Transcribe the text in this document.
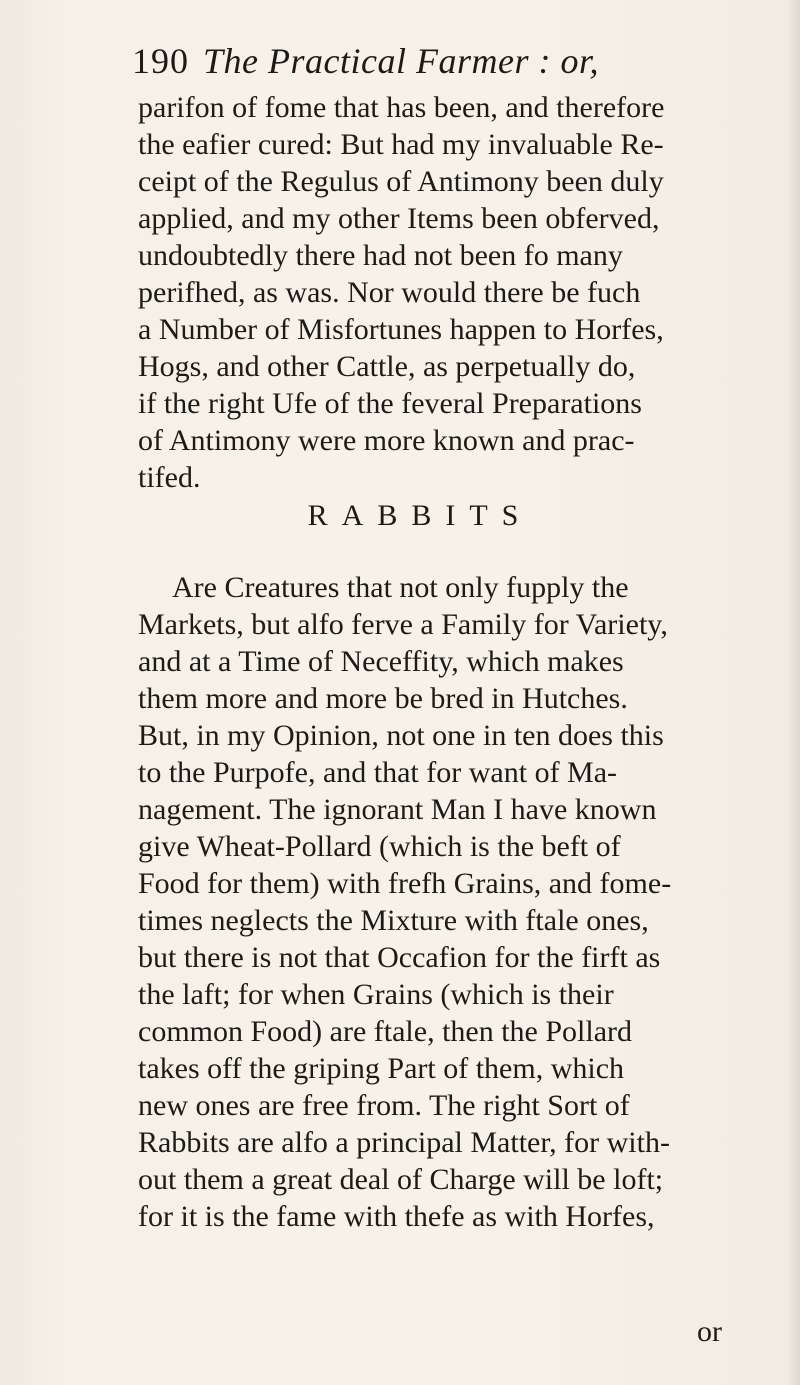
190 The Practical Farmer : or,
parifon of fome that has been, and therefore
the eafier cured: But had my invaluable Re-
ceipt of the Regulus of Antimony been duly
applied, and my other Items been obferved,
undoubtedly there had not been fo many
perifhed, as was. Nor would there be fuch
a Number of Misfortunes happen to Horfes,
Hogs, and other Cattle, as perpetually do,
if the right Ufe of the feveral Preparations
of Antimony were more known and prac-
tifed.
RABBITS
Are Creatures that not only fupply the
Markets, but alfo ferve a Family for Variety,
and at a Time of Neceffity, which makes
them more and more be bred in Hutches.
But, in my Opinion, not one in ten does this
to the Purpofe, and that for want of Ma-
nagement. The ignorant Man I have known
give Wheat-Pollard (which is the beft of
Food for them) with frefh Grains, and fome-
times neglects the Mixture with ftale ones,
but there is not that Occafion for the firft as
the laft; for when Grains (which is their
common Food) are ftale, then the Pollard
takes off the griping Part of them, which
new ones are free from. The right Sort of
Rabbits are alfo a principal Matter, for with-
out them a great deal of Charge will be loft;
for it is the fame with thefe as with Horfes,
or
